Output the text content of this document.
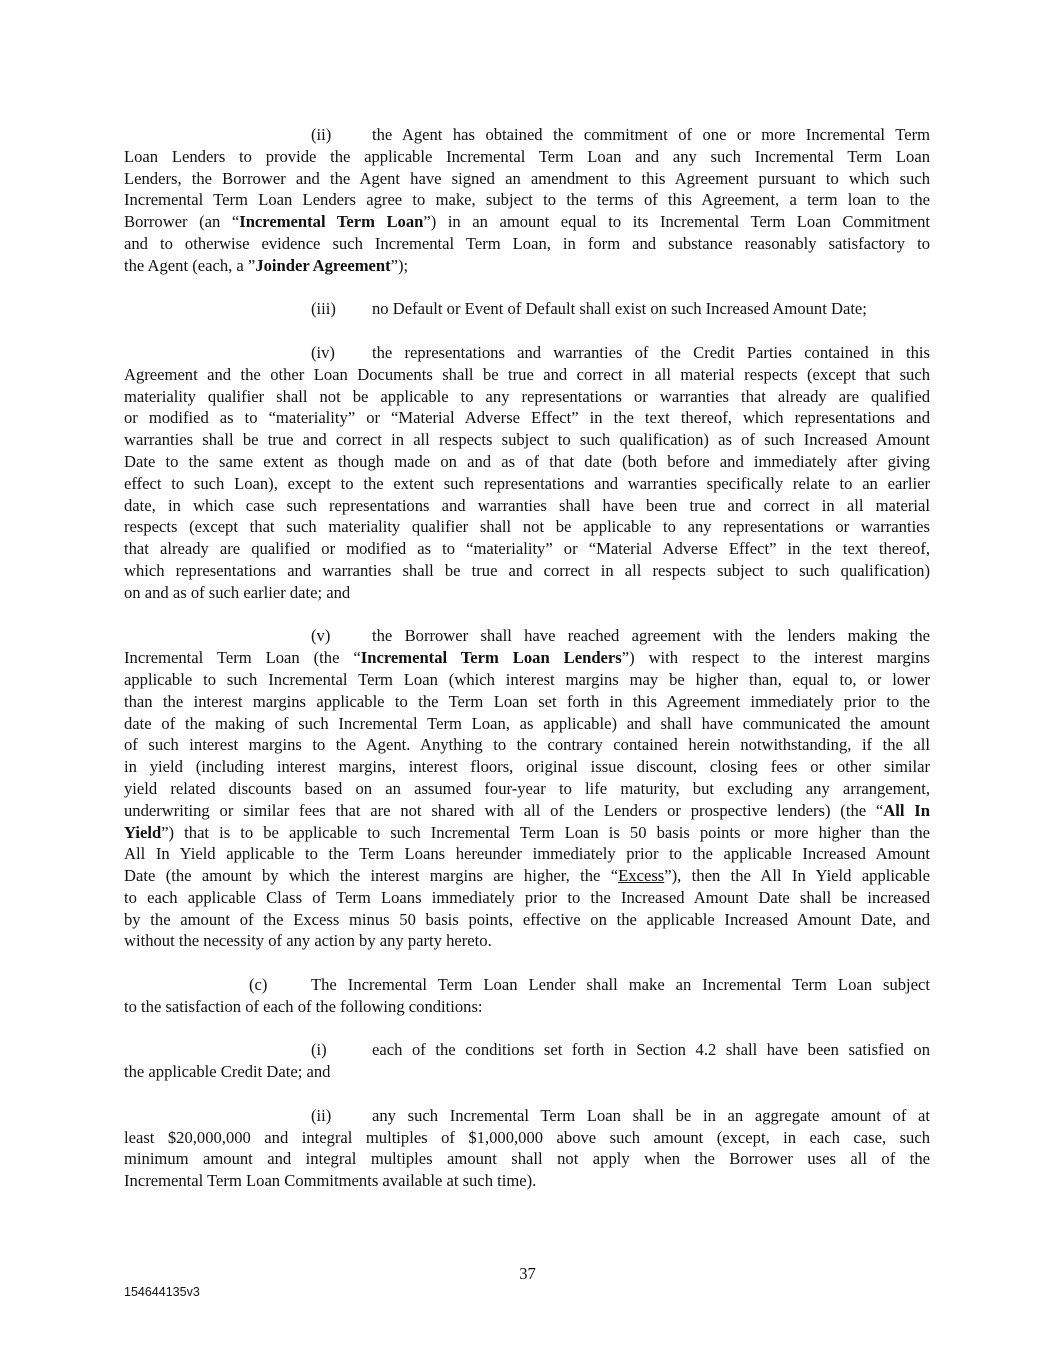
(ii) the Agent has obtained the commitment of one or more Incremental Term
Loan Lenders to provide the applicable Incremental Term Loan and any such Incremental Term Loan
Lenders, the Borrower and the Agent have signed an amendment to this Agreement pursuant to which such
Incremental Term Loan Lenders agree to make, subject to the terms of this Agreement, a term loan to the
Borrower (an “Incremental Term Loan”) in an amount equal to its Incremental Term Loan Commitment
and to otherwise evidence such Incremental Term Loan, in form and substance reasonably satisfactory to
the Agent (each, a ”Joinder Agreement”);
(iii) no Default or Event of Default shall exist on such Increased Amount Date;
(iv) the representations and warranties of the Credit Parties contained in this
Agreement and the other Loan Documents shall be true and correct in all material respects (except that such
materiality qualifier shall not be applicable to any representations or warranties that already are qualified
or modified as to “materiality” or “Material Adverse Effect” in the text thereof, which representations and
warranties shall be true and correct in all respects subject to such qualification) as of such Increased Amount
Date to the same extent as though made on and as of that date (both before and immediately after giving
effect to such Loan), except to the extent such representations and warranties specifically relate to an earlier
date, in which case such representations and warranties shall have been true and correct in all material
respects (except that such materiality qualifier shall not be applicable to any representations or warranties
that already are qualified or modified as to “materiality” or “Material Adverse Effect” in the text thereof,
which representations and warranties shall be true and correct in all respects subject to such qualification)
on and as of such earlier date; and
(v)	the Borrower shall have reached agreement with the lenders making the
Incremental Term Loan (the “Incremental Term Loan Lenders”) with respect to the interest margins
applicable to such Incremental Term Loan (which interest margins may be higher than, equal to, or lower
than the interest margins applicable to the Term Loan set forth in this Agreement immediately prior to the
date of the making of such Incremental Term Loan, as applicable) and shall have communicated the amount
of such interest margins to the Agent. Anything to the contrary contained herein notwithstanding, if the all
in yield (including interest margins, interest floors, original issue discount, closing fees or other similar
yield related discounts based on an assumed four-year to life maturity, but excluding any arrangement,
underwriting or similar fees that are not shared with all of the Lenders or prospective lenders) (the “All In
Yield”) that is to be applicable to such Incremental Term Loan is 50 basis points or more higher than the
All In Yield applicable to the Term Loans hereunder immediately prior to the applicable Increased Amount
Date (the amount by which the interest margins are higher, the “Excess”), then the All In Yield applicable
to each applicable Class of Term Loans immediately prior to the Increased Amount Date shall be increased
by the amount of the Excess minus 50 basis points, effective on the applicable Increased Amount Date, and
without the necessity of any action by any party hereto.
(c)	The Incremental Term Loan Lender shall make an Incremental Term Loan subject
to the satisfaction of each of the following conditions:
(i)	each of the conditions set forth in Section 4.2 shall have been satisfied on
the applicable Credit Date; and
(ii) any such Incremental Term Loan shall be in an aggregate amount of at
least $20,000,000 and integral multiples of $1,000,000 above such amount (except, in each case, such
minimum amount and integral multiples amount shall not apply when the Borrower uses all of the
Incremental Term Loan Commitments available at such time).
37
154644135v3
